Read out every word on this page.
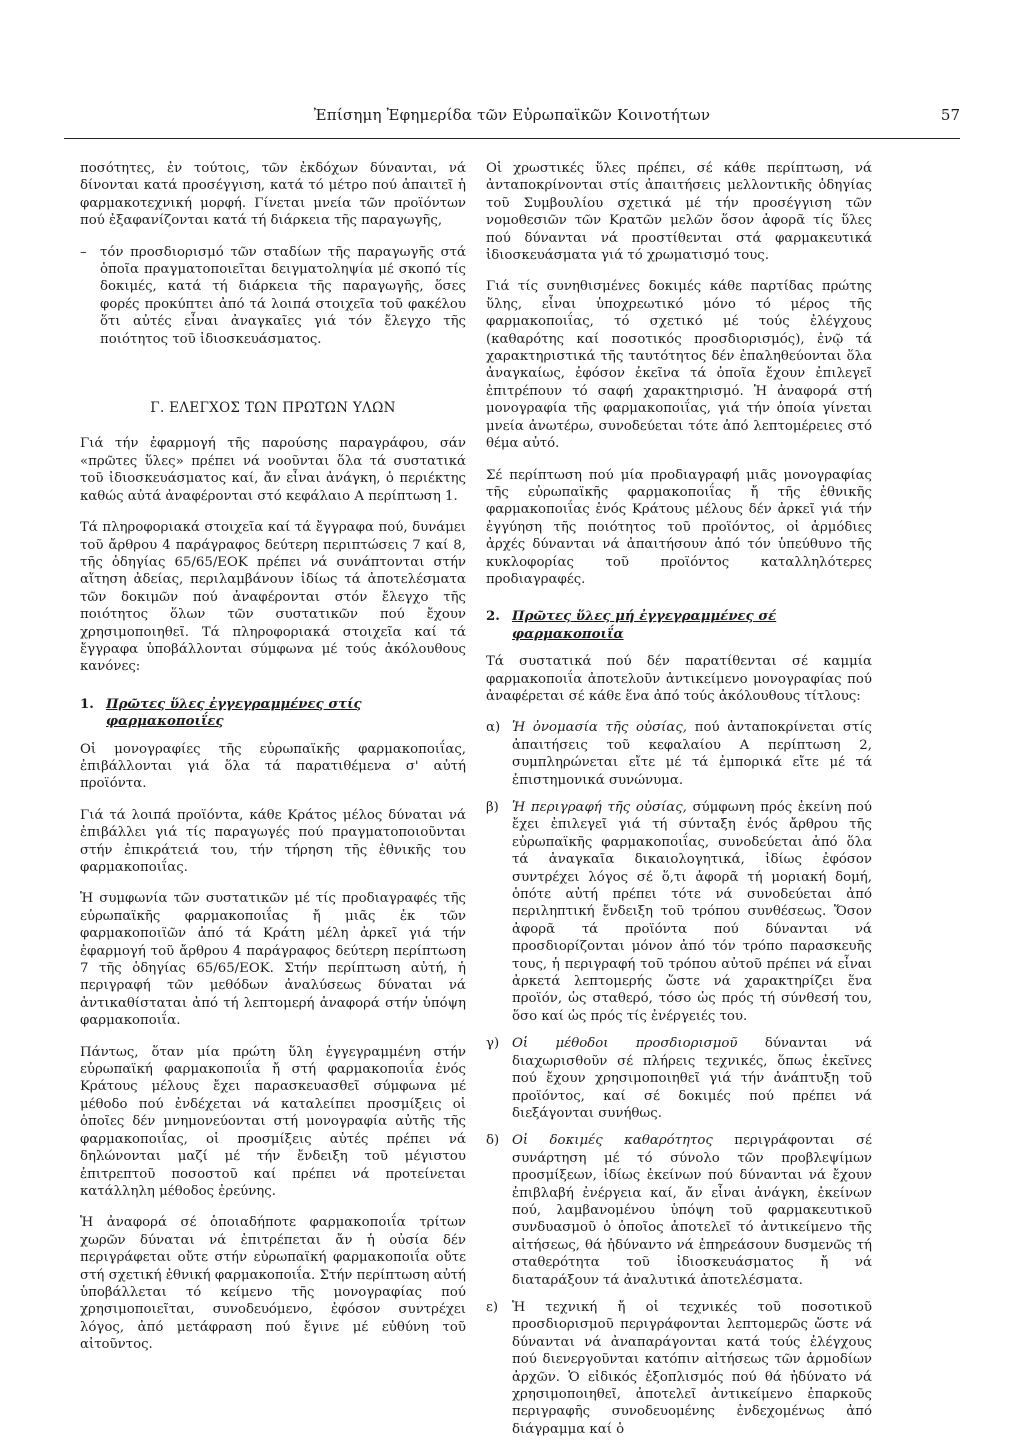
Ἐπίσημη Ἐφημερίδα τῶν Εὐρωπαϊκῶν Κοινοτήτων	57

ποσότητες, ἐν τούτοις, τῶν ἐκδόχων δύνανται, νά δίνονται κατά προσέγγιση, κατά τό μέτρο πού ἀπαιτεῖ ἡ φαρμακοτεχνική μορφή. Γίνεται μνεία τῶν προϊόντων πού ἐξαφανίζονται κατά τή διάρκεια τῆς παραγωγῆς,

–	τόν προσδιορισμό τῶν σταδίων τῆς παραγωγῆς στά ὁποῖα πραγματοποιεῖται δειγματοληψία μέ σκοπό τίς δοκιμές, κατά τή διάρκεια τῆς παραγωγῆς, ὅσες φορές προκύπτει ἀπό τά λοιπά στοιχεῖα τοῦ φακέλου ὅτι αὐτές εἶναι ἀναγκαῖες γιά τόν ἔλεγχο τῆς ποιότητος τοῦ ἰδιοσκευάσματος.
Γ. ΕΛΕΓΧΟΣ ΤΩΝ ΠΡΩΤΩΝ ΥΛΩΝ

Γιά τήν ἐφαρμογή τῆς παρούσης παραγράφου, σάν «πρῶτες ὕλες» πρέπει νά νοοῦνται ὅλα τά συστατικά τοῦ ἰδιοσκευάσματος καί, ἄν εἶναι ἀνάγκη, ὁ περιέκτης καθώς αὐτά ἀναφέρονται στό κεφάλαιο Α περίπτωση 1.

Τά πληροφοριακά στοιχεῖα καί τά ἔγγραφα πού, δυνάμει τοῦ ἄρθρου 4 παράγραφος δεύτερη περιπτώσεις 7 καί 8, τῆς ὁδηγίας 65/65/ΕΟΚ πρέπει νά συνάπτονται στήν αἴτηση ἀδείας, περιλαμβάνουν ἰδίως τά ἀποτελέσματα τῶν δοκιμῶν πού ἀναφέρονται στόν ἔλεγχο τῆς ποιότητος ὅλων τῶν συστατικῶν πού ἔχουν χρησιμοποιηθεῖ. Τά πληροφοριακά στοιχεῖα καί τά ἔγγραφα ὑποβάλλονται σύμφωνα μέ τούς ἀκόλουθους κανόνες:

1. Πρῶτες ὕλες ἐγγεγραμμένες στίς φαρμακοποιΐες

Οἱ μονογραφίες τῆς εὐρωπαϊκῆς φαρμακοποιΐας, ἐπιβάλλονται γιά ὅλα τά παρατιθέμενα σ' αὐτή προϊόντα.

Γιά τά λοιπά προϊόντα, κάθε Κράτος μέλος δύναται νά ἐπιβάλλει γιά τίς παραγωγές πού πραγματοποιοῦνται στήν ἐπικράτειά του, τήν τήρηση τῆς ἐθνικῆς του φαρμακοποιΐας.

Ἡ συμφωνία τῶν συστατικῶν μέ τίς προδιαγραφές τῆς εὐρωπαϊκῆς φαρμακοποιΐας ἤ μιᾶς ἐκ τῶν φαρμακοποιϊῶν ἀπό τά Κράτη μέλη ἀρκεῖ γιά τήν ἐφαρμογή τοῦ ἄρθρου 4 παράγραφος δεύτερη περίπτωση 7 τῆς ὁδηγίας 65/65/ΕΟΚ. Στήν περίπτωση αὐτή, ἡ περιγραφή τῶν μεθόδων ἀναλύσεως δύναται νά ἀντικαθίσταται ἀπό τή λεπτομερή ἀναφορά στήν ὑπόψη φαρμακοποιΐα.

Πάντως, ὅταν μία πρώτη ὕλη ἐγγεγραμμένη στήν εὐρωπαϊκή φαρμακοποιΐα ἤ στή φαρμακοποιΐα ἑνός Κράτους μέλους ἔχει παρασκευασθεῖ σύμφωνα μέ μέθοδο πού ἐνδέχεται νά καταλείπει προσμίξεις οἱ ὁποῖες δέν μνημονεύονται στή μονογραφία αὐτῆς τῆς φαρμακοποιΐας, οἱ προσμίξεις αὐτές πρέπει νά δηλώνονται μαζί μέ τήν ἔνδειξη τοῦ μέγιστου ἐπιτρεπτοῦ ποσοστοῦ καί πρέπει νά προτείνεται κατάλληλη μέθοδος ἐρεύνης.

Ἡ ἀναφορά σέ ὁποιαδήποτε φαρμακοποιΐα τρίτων χωρῶν δύναται νά ἐπιτρέπεται ἄν ἡ οὐσία δέν περιγράφεται οὔτε στήν εὐρωπαϊκή φαρμακοποιΐα οὔτε στή σχετική ἐθνική φαρμακοποιΐα. Στήν περίπτωση αὐτή ὑποβάλλεται τό κείμενο τῆς μονογραφίας πού χρησιμοποιεῖται, συνοδευόμενο, ἐφόσον συντρέχει λόγος, ἀπό μετάφραση πού ἔγινε μέ εὐθύνη τοῦ αἰτοῦντος.

Οἱ χρωστικές ὕλες πρέπει, σέ κάθε περίπτωση, νά ἀνταποκρίνονται στίς ἀπαιτήσεις μελλοντικῆς ὁδηγίας τοῦ Συμβουλίου σχετικά μέ τήν προσέγγιση τῶν νομοθεσιῶν τῶν Κρατῶν μελῶν ὅσον ἀφορᾶ τίς ὕλες πού δύνανται νά προστίθενται στά φαρμακευτικά ἰδιοσκευάσματα γιά τό χρωματισμό τους.

Γιά τίς συνηθισμένες δοκιμές κάθε παρτίδας πρώτης ὕλης, εἶναι ὑποχρεωτικό μόνο τό μέρος τῆς φαρμακοποιΐας, τό σχετικό μέ τούς ἐλέγχους (καθαρότης καί ποσοτικός προσδιορισμός), ἐνῷ τά χαρακτηριστικά τῆς ταυτότητος δέν ἐπαληθεύονται ὅλα ἀναγκαίως, ἐφόσον ἐκεῖνα τά ὁποῖα ἔχουν ἐπιλεγεῖ ἐπιτρέπουν τό σαφή χαρακτηρισμό. Ἡ ἀναφορά στή μονογραφία τῆς φαρμακοποιΐας, γιά τήν ὁποία γίνεται μνεία ἀνωτέρω, συνοδεύεται τότε ἀπό λεπτομέρειες στό θέμα αὐτό.

Σέ περίπτωση πού μία προδιαγραφή μιᾶς μονογραφίας τῆς εὐρωπαϊκῆς φαρμακοποιΐας ἤ τῆς ἐθνικῆς φαρμακοποιΐας ἑνός Κράτους μέλους δέν ἀρκεῖ γιά τήν ἐγγύηση τῆς ποιότητος τοῦ προϊόντος, οἱ ἁρμόδιες ἀρχές δύνανται νά ἀπαιτήσουν ἀπό τόν ὑπεύθυνο τῆς κυκλοφορίας τοῦ προϊόντος καταλληλότερες προδιαγραφές.

2. Πρῶτες ὕλες μή ἐγγεγραμμένες σέ φαρμακοποιΐα

Τά συστατικά πού δέν παρατίθενται σέ καμμία φαρμακοποιΐα ἀποτελοῦν ἀντικείμενο μονογραφίας πού ἀναφέρεται σέ κάθε ἕνα ἀπό τούς ἀκόλουθους τίτλους:

α) Ἡ ὀνομασία τῆς οὐσίας, πού ἀνταποκρίνεται στίς ἀπαιτήσεις τοῦ κεφαλαίου Α περίπτωση 2, συμπληρώνεται εἴτε μέ τά ἐμπορικά εἴτε μέ τά ἐπιστημονικά συνώνυμα.
β) Ἡ περιγραφή τῆς οὐσίας, σύμφωνη πρός ἐκείνη πού ἔχει ἐπιλεγεῖ γιά τή σύνταξη ἑνός ἄρθρου τῆς εὐρωπαϊκῆς φαρμακοποιΐας, συνοδεύεται ἀπό ὅλα τά ἀναγκαῖα δικαιολογητικά, ἰδίως ἐφόσον συντρέχει λόγος σέ ὅ,τι ἀφορᾶ τή μοριακή δομή, ὁπότε αὐτή πρέπει τότε νά συνοδεύεται ἀπό περιληπτική ἔνδειξη τοῦ τρόπου συνθέσεως. Ὅσον ἀφορᾶ τά προϊόντα πού δύνανται νά προσδιορίζονται μόνον ἀπό τόν τρόπο παρασκευῆς τους, ἡ περιγραφή τοῦ τρόπου αὐτοῦ πρέπει νά εἶναι ἀρκετά λεπτομερής ὥστε νά χαρακτηρίζει ἕνα προϊόν, ὡς σταθερό, τόσο ὡς πρός τή σύνθεσή του, ὅσο καί ὡς πρός τίς ἐνέργειές του.
γ) Οἱ μέθοδοι προσδιορισμοῦ δύνανται νά διαχωρισθοῦν σέ πλήρεις τεχνικές, ὅπως ἐκεῖνες πού ἔχουν χρησιμοποιηθεῖ γιά τήν ἀνάπτυξη τοῦ προϊόντος, καί σέ δοκιμές πού πρέπει νά διεξάγονται συνήθως.
δ) Οἱ δοκιμές καθαρότητος περιγράφονται σέ συνάρτηση μέ τό σύνολο τῶν προβλεψίμων προσμίξεων, ἰδίως ἐκείνων πού δύνανται νά ἔχουν ἐπιβλαβή ἐνέργεια καί, ἄν εἶναι ἀνάγκη, ἐκείνων πού, λαμβανομένου ὑπόψη τοῦ φαρμακευτικοῦ συνδυασμοῦ ὁ ὁποῖος ἀποτελεῖ τό ἀντικείμενο τῆς αἰτήσεως, θά ἠδύναντο νά ἐπηρεάσουν δυσμενῶς τή σταθερότητα τοῦ ἰδιοσκευάσματος ἤ νά διαταράξουν τά ἀναλυτικά ἀποτελέσματα.
ε)	Ἡ τεχνική ἤ οἱ τεχνικές τοῦ ποσοτικοῦ προσδιορισμοῦ περιγράφονται λεπτομερῶς ὥστε νά δύνανται νά ἀναπαράγονται κατά τούς ἐλέγχους πού διενεργοῦνται κατόπιν αἰτήσεως τῶν ἁρμοδίων ἀρχῶν. Ὁ εἰδικός ἐξοπλισμός πού θά ἠδύνατο νά χρησιμοποιηθεῖ, ἀποτελεῖ ἀντικείμενο ἐπαρκοῦς περιγραφῆς συνοδευομένης ἐνδεχομένως ἀπό διάγραμμα καί ὁ
